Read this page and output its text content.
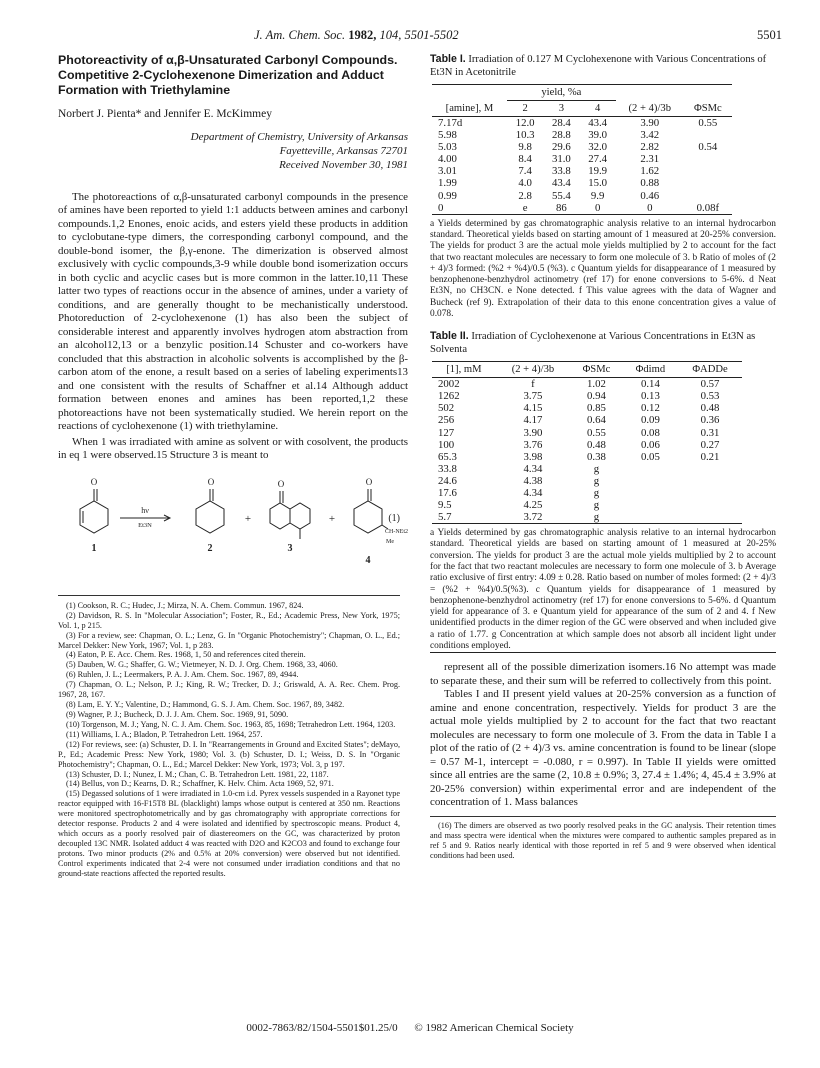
J. Am. Chem. Soc. 1982, 104, 5501-5502	5501
Photoreactivity of α,β-Unsaturated Carbonyl Compounds. Competitive 2-Cyclohexenone Dimerization and Adduct Formation with Triethylamine
Norbert J. Pienta* and Jennifer E. McKimmey
Department of Chemistry, University of Arkansas
Fayetteville, Arkansas 72701
Received November 30, 1981

The photoreactions of α,β-unsaturated carbonyl compounds in the presence of amines have been reported to yield 1:1 adducts between amines and carbonyl compounds.1,2 Enones, enoic acids, and esters yield these products in addition to cyclobutane-type dimers, the corresponding carbonyl compound, and the double-bond isomer, the β,γ-enone. The dimerization is observed almost exclusively with cyclic compounds,3-9 while double bond isomerization occurs in both cyclic and acyclic cases but is more common in the latter.10,11 These latter two types of reactions occur in the absence of amines, under a variety of conditions, and are generally thought to be mechanistically understood. Photoreduction of 2-cyclohexenone (1) has also been the subject of considerable interest and apparently involves hydrogen atom abstraction from an alcohol12,13 or a benzylic position.14 Schuster and co-workers have concluded that this abstraction in alcoholic solvents is accomplished by the β-carbon atom of the enone, a result based on a series of labeling experiments13 and one consistent with the results of Schaffner et al.14 Although adduct formation between enones and amines has been reported,1,2 these photoreactions have not been systematically studied. We herein report on the reactions of cyclohexenone (1) with triethylamine.

When 1 was irradiated with amine as solvent or with cosolvent, the products in eq 1 were observed.15 Structure 3 is meant to

O	O	O	O
hν
Et3N
+	+
CH-NEt2
Me
(1)
1	2	3
4
(1) Cookson, R. C.; Hudec, J.; Mirza, N. A. Chem. Commun. 1967, 824.
(2) Davidson, R. S. In "Molecular Association"; Foster, R., Ed.; Academic Press, New York, 1975; Vol. 1, p 215.
(3) For a review, see: Chapman, O. L.; Lenz, G. In "Organic Photochemistry"; Chapman, O. L., Ed.; Marcel Dekker: New York, 1967; Vol. 1, p 283.
(4) Eaton, P. E. Acc. Chem. Res. 1968, 1, 50 and references cited therein.
(5) Dauben, W. G.; Shaffer, G. W.; Vietmeyer, N. D. J. Org. Chem. 1968, 33, 4060.
(6) Ruhlen, J. L.; Leermakers, P. A. J. Am. Chem. Soc. 1967, 89, 4944.
(7) Chapman, O. L.; Nelson, P. J.; King, R. W.; Trecker, D. J.; Griswald, A. A. Rec. Chem. Prog. 1967, 28, 167.
(8) Lam, E. Y. Y.; Valentine, D.; Hammond, G. S. J. Am. Chem. Soc. 1967, 89, 3482.
(9) Wagner, P. J.; Bucheck, D. J. J. Am. Chem. Soc. 1969, 91, 5090.
(10) Torgenson, M. J.; Yang, N. C. J. Am. Chem. Soc. 1963, 85, 1698; Tetrahedron Lett. 1964, 1203.
(11) Williams, I. A.; Bladon, P. Tetrahedron Lett. 1964, 257.
(12) For reviews, see: (a) Schuster, D. I. In "Rearrangements in Ground and Excited States"; deMayo, P., Ed.; Academic Press: New York, 1980; Vol. 3. (b) Schuster, D. I.; Weiss, D. S. In "Organic Photochemistry"; Chapman, O. L., Ed.; Marcel Dekker: New York, 1973; Vol. 3, p 197.
(13) Schuster, D. I.; Nunez, I. M.; Chan, C. B. Tetrahedron Lett. 1981, 22, 1187.
(14) Bellus, von D.; Kearns, D. R.; Schaffner, K. Helv. Chim. Acta 1969, 52, 971.
(15) Degassed solutions of 1 were irradiated in 1.0-cm i.d. Pyrex vessels suspended in a Rayonet type reactor equipped with 16-F15T8 BL (blacklight) lamps whose output is centered at 350 nm. Reactions were monitored spectrophotometrically and by gas chromatography with appropriate corrections for detector response. Products 2 and 4 were isolated and identified by spectroscopic means. Product 4, which occurs as a poorly resolved pair of diastereomers on the GC, was characterized by proton decoupled 13C NMR. Isolated adduct 4 was reacted with D2O and K2CO3 and found to exchange four protons. Two minor products (2% and 0.5% at 20% conversion) were observed but not identified. Control experiments indicated that 2-4 were not consumed under irradiation conditions and that no ground-state reactions affected the reported results.
Table I. Irradiation of 0.127 M Cyclohexenone with Various Concentrations of Et3N in Acetonitrile
	yield, %a				
[amine], M	2	3	4	(2 + 4)/3b	ΦSMc
7.17d	12.0	28.4	43.4	3.90	0.55
5.98	10.3	28.8	39.0	3.42	
5.03	9.8	29.6	32.0	2.82	0.54
4.00	8.4	31.0	27.4	2.31	
3.01	7.4	33.8	19.9	1.62	
1.99	4.0	43.4	15.0	0.88	
0.99	2.8	55.4	9.9	0.46	
0	e	86	0	0	0.08f
a Yields determined by gas chromatographic analysis relative to an internal hydrocarbon standard. Theoretical yields based on starting amount of 1 measured at 20-25% conversion. The yields for product 3 are the actual mole yields multiplied by 2 to account for the fact that two reactant molecules are necessary to form one molecule of 3. b Ratio of moles of (2 + 4)/3 formed: (%2 + %4)/0.5 (%3). c Quantum yields for disappearance of 1 measured by benzophenone-benzhydrol actinometry (ref 17) for enone conversions to 5-6%. d Neat Et3N, no CH3CN. e None detected. f This value agrees with the data of Wagner and Bucheck (ref 9). Extrapolation of their data to this enone concentration gives a value of 0.078.
Table II. Irradiation of Cyclohexenone at Various Concentrations in Et3N as Solventa
[1], mM	(2 + 4)/3b	ΦSMc	Φdimd	ΦADDe
2002	f	1.02	0.14	0.57
1262	3.75	0.94	0.13	0.53
502	4.15	0.85	0.12	0.48
256	4.17	0.64	0.09	0.36
127	3.90	0.55	0.08	0.31
100	3.76	0.48	0.06	0.27
65.3	3.98	0.38	0.05	0.21
33.8	4.34	g		
24.6	4.38	g		
17.6	4.34	g		
9.5	4.25	g		
5.7	3.72	g		
a Yields determined by gas chromatographic analysis relative to an internal hydrocarbon standard. Theoretical yields are based on starting amount of 1 measured at 20-25% conversion. The yields for product 3 are the actual mole yields multiplied by 2 to account for the fact that two reactant molecules are necessary to form one molecule of 3. b Average ratio exclusive of first entry: 4.09 ± 0.28. Ratio based on number of moles formed: (2 + 4)/3 = (%2 + %4)/0.5(%3). c Quantum yields for disappearance of 1 measured by benzophenone-benzhydrol actinometry (ref 17) for enone conversions to 5-6%. d Quantum yield for appearance of 3. e Quantum yield for appearance of the sum of 2 and 4. f New unidentified products in the dimer region of the GC were observed and when included give a ratio of 1.77. g Concentration at which sample does not absorb all incident light under conditions employed.

represent all of the possible dimerization isomers.16 No attempt was made to separate these, and their sum will be referred to collectively from this point.

Tables I and II present yield values at 20-25% conversion as a function of amine and enone concentration, respectively. Yields for product 3 are the actual mole yields multiplied by 2 to account for the fact that two reactant molecules are necessary to form one molecule of 3. From the data in Table I a plot of the ratio of (2 + 4)/3 vs. amine concentration is found to be linear (slope = 0.57 M-1, intercept = -0.080, r = 0.997). In Table II yields were omitted since all entries are the same (2, 10.8 ± 0.9%; 3, 27.4 ± 1.4%; 4, 45.4 ± 3.9% at 20-25% conversion) within experimental error and are independent of the concentration of 1. Mass balances

(16) The dimers are observed as two poorly resolved peaks in the GC analysis. Their retention times and mass spectra were identical when the mixtures were compared to authentic samples prepared as in ref 5 and 9. Ratios nearly identical with those reported in ref 5 and 9 were observed when identical conditions had been used.
0002-7863/82/1504-5501$01.25/0 © 1982 American Chemical Society
